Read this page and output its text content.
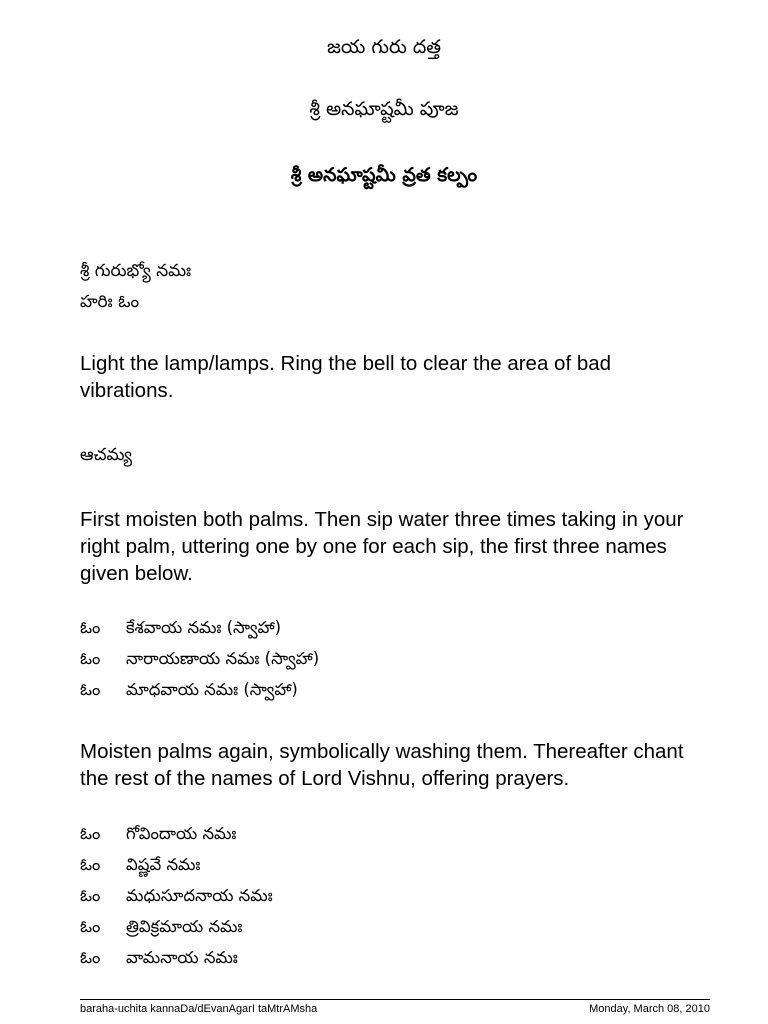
జయ గురు దత్త
శ్రీ అనఘాష్టమీ పూజ
శ్రీ అనఘాష్టమీ వ్రత కల్పం
శ్రీ గురుభ్యో నమః
హరిః ఓం

Light the lamp/lamps. Ring the bell to clear the area of bad vibrations.

ఆచమ్య

First moisten both palms. Then sip water three times taking in your right palm, uttering one by one for each sip, the first three names given below.

ఓం	కేశవాయ నమః (స్వాహా)
ఓం	నారాయణాయ నమః (స్వాహా)
ఓం	మాధవాయ నమః (స్వాహా)

Moisten palms again, symbolically washing them. Thereafter chant the rest of the names of Lord Vishnu, offering prayers.

ఓం	గోవిందాయ నమః
ఓం	విష్ణవే నమః
ఓం	మధుసూదనాయ నమః
ఓం	త్రివిక్రమాయ నమః
ఓం	వామనాయ నమః
baraha-uchita kannaDa/dEvanAgarI taMtrAMsha	Monday, March 08, 2010
